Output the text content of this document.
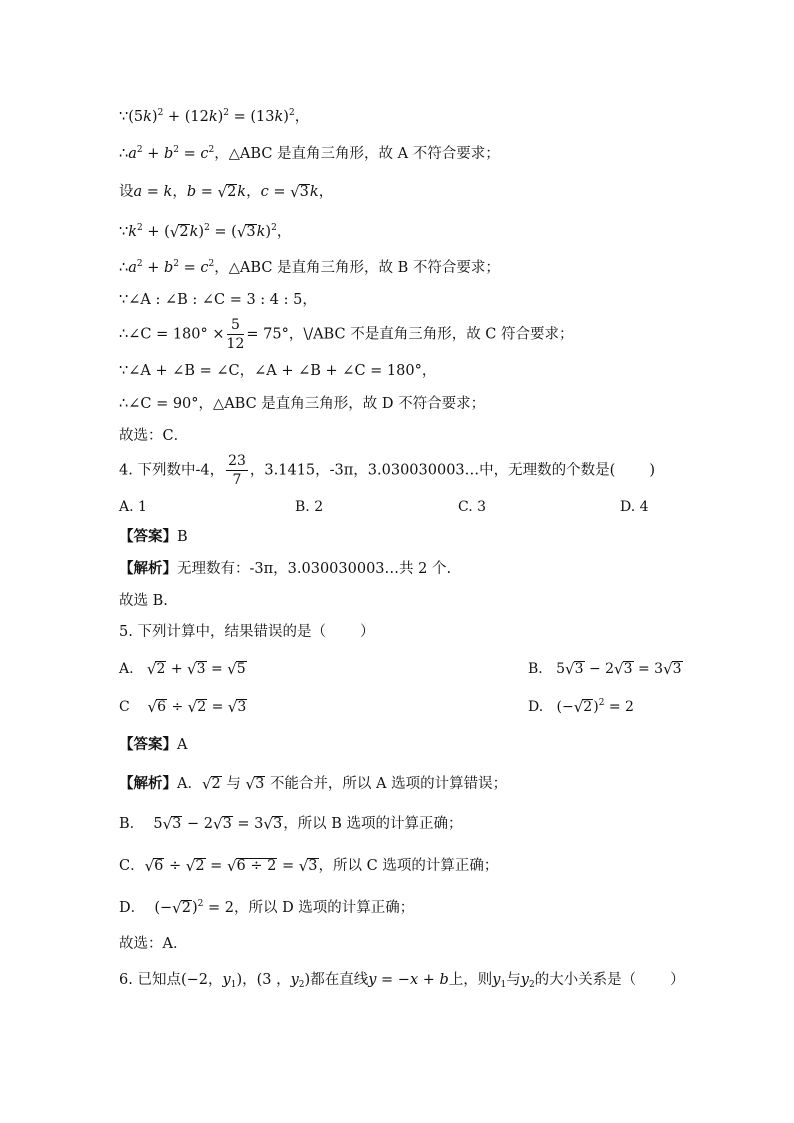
$\because(5k)^2 + (12k)^2 = (13k)^2$，
$\therefore a^2 + b^2 = c^2$，△ABC 是直角三角形，故 A 不符合要求；
设a = k，b = √2k，c = √3k，
$\because k^2 + (√2k)^2 = (√3k)^2$，
$\therefore a^2 + b^2 = c^2$，△ABC 是直角三角形，故 B 不符合要求；
∵∠A : ∠B : ∠C = 3 : 4 : 5，
∴∠C = $180^\circ \times \frac{5}{12} = 75^\circ$，\/ABC 不是直角三角形，故 C 符合要求；
∵∠A + ∠B = ∠C，∠A + ∠B + ∠C = 180°，
∴∠C = 90°，△ABC 是直角三角形，故 D 不符合要求；
故选：C．
4. 下列数中-4， $\frac{23}{7}$ ，3.1415，-3π，3.030030003…中，无理数的个数是( )
A. 1	B. 2	C. 3	D. 4
【答案】B
【解析】无理数有：-3π，3.030030003…共 2 个.
故选 B.
5. 下列计算中，结果错误的是（ ）
A. √2 + √3 = √5	B.   5√3 − 2√3 = 3√3
C √6 ÷ √2 = √3	D.   $(-√2)^2 = 2$
【答案】A
【解析】A．√2 与 √3 不能合并，所以 A 选项的计算错误；
B．  5√3 − 2√3 = 3√3，所以 B 选项的计算正确；
C．√6 ÷ √2 = √6 ÷ 2 = √3，所以 C 选项的计算正确；
D．  $(-√2)^2 = 2$，所以 D 选项的计算正确；
故选：A．
6. 已知点(−2，$y_1$)，(3 ，$y_2$)都在直线y = −x + b上，则$y_1$与$y_2$的大小关系是（ ）
